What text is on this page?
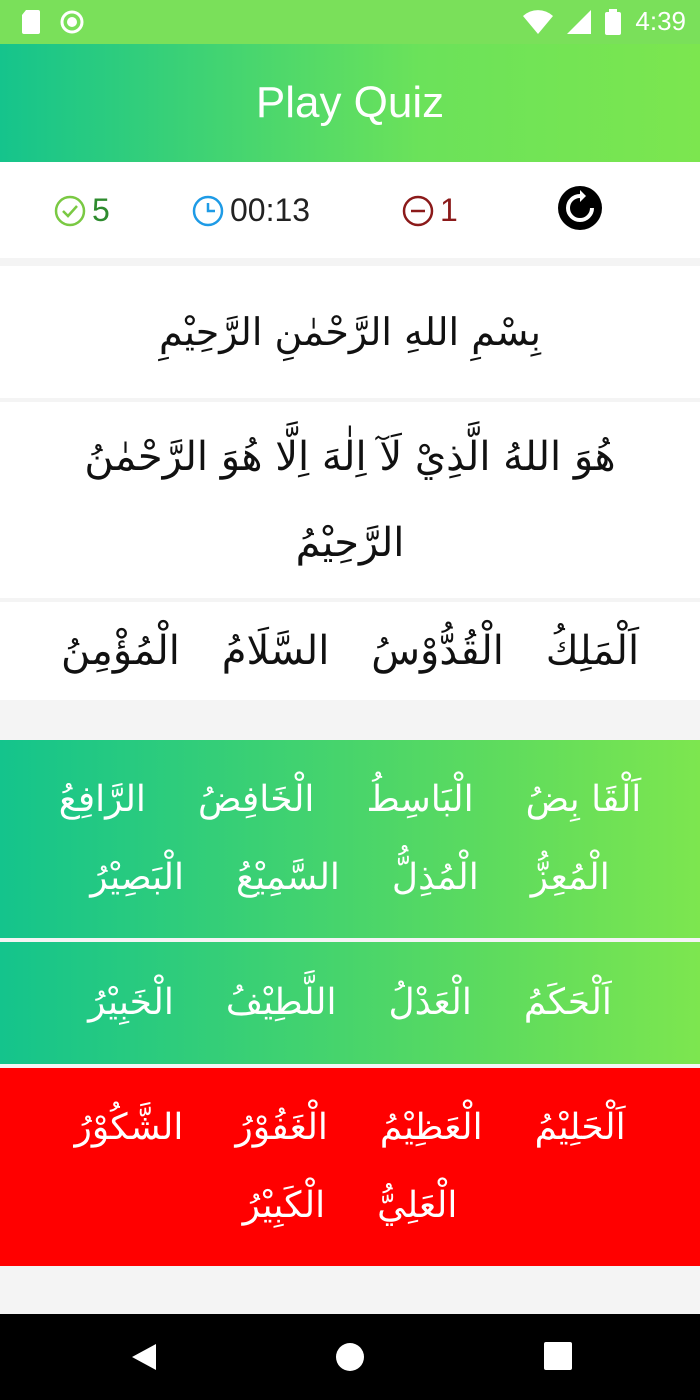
4:39
Play Quiz
5	00:13	1
بِسْمِ اللهِ الرَّحْمٰنِ الرَّحِيْمِ
هُوَ اللهُ الَّذِيْ لَآ اِلٰهَ اِلَّا هُوَ الرَّحْمٰنُ الرَّحِيْمُ
اَلْمَلِكُ
الْقُدُّوْسُ
السَّلَامُ
الْمُؤْمِنُ
اَلْقَا بِضُ
الْبَاسِطُ
الْخَافِضُ
الرَّافِعُ
الْمُعِزُّ
الْمُذِلُّ
السَّمِيْعُ
الْبَصِيْرُ
اَلْحَكَمُ
الْعَدْلُ
اللَّطِيْفُ
الْخَبِيْرُ
اَلْحَلِيْمُ
الْعَظِيْمُ
الْغَفُوْرُ
الشَّكُوْرُ
الْعَلِيُّ
الْكَبِيْرُ
